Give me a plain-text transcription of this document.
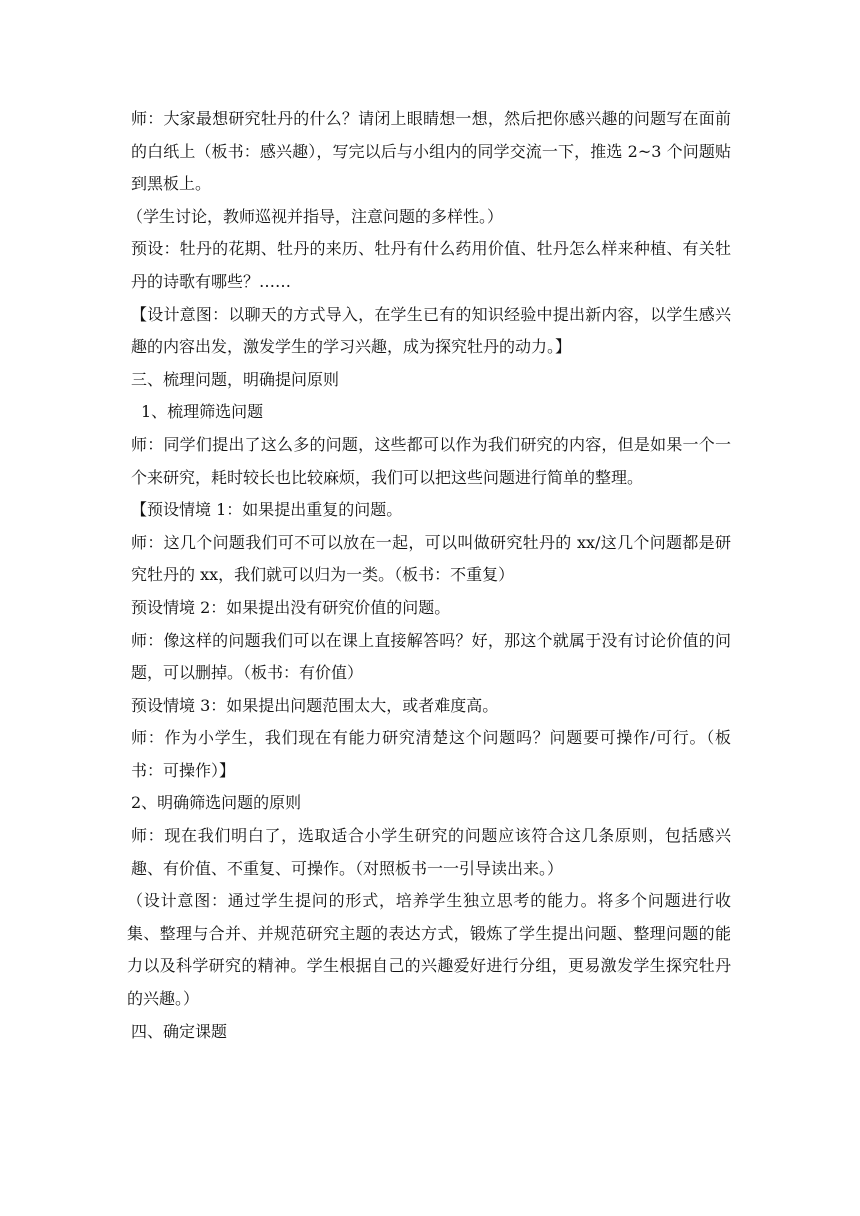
师：大家最想研究牡丹的什么？请闭上眼睛想一想，然后把你感兴趣的问题写在面前的白纸上（板书：感兴趣），写完以后与小组内的同学交流一下，推选 2~3 个问题贴到黑板上。

（学生讨论，教师巡视并指导，注意问题的多样性。）

预设：牡丹的花期、牡丹的来历、牡丹有什么药用价值、牡丹怎么样来种植、有关牡丹的诗歌有哪些？……

【设计意图：以聊天的方式导入，在学生已有的知识经验中提出新内容，以学生感兴趣的内容出发，激发学生的学习兴趣，成为探究牡丹的动力。】

三、梳理问题，明确提问原则

1、梳理筛选问题

师：同学们提出了这么多的问题，这些都可以作为我们研究的内容，但是如果一个一个来研究，耗时较长也比较麻烦，我们可以把这些问题进行简单的整理。

【预设情境 1：如果提出重复的问题。

师：这几个问题我们可不可以放在一起，可以叫做研究牡丹的 xx/这几个问题都是研究牡丹的 xx，我们就可以归为一类。（板书：不重复）

预设情境 2：如果提出没有研究价值的问题。

师：像这样的问题我们可以在课上直接解答吗？好，那这个就属于没有讨论价值的问题，可以删掉。（板书：有价值）

预设情境 3：如果提出问题范围太大，或者难度高。

师：作为小学生，我们现在有能力研究清楚这个问题吗？问题要可操作/可行。（板书：可操作）】

2、明确筛选问题的原则

师：现在我们明白了，选取适合小学生研究的问题应该符合这几条原则，包括感兴趣、有价值、不重复、可操作。（对照板书一一引导读出来。）

（设计意图：通过学生提问的形式，培养学生独立思考的能力。将多个问题进行收集、整理与合并、并规范研究主题的表达方式，锻炼了学生提出问题、整理问题的能力以及科学研究的精神。学生根据自己的兴趣爱好进行分组，更易激发学生探究牡丹的兴趣。）

四、确定课题
